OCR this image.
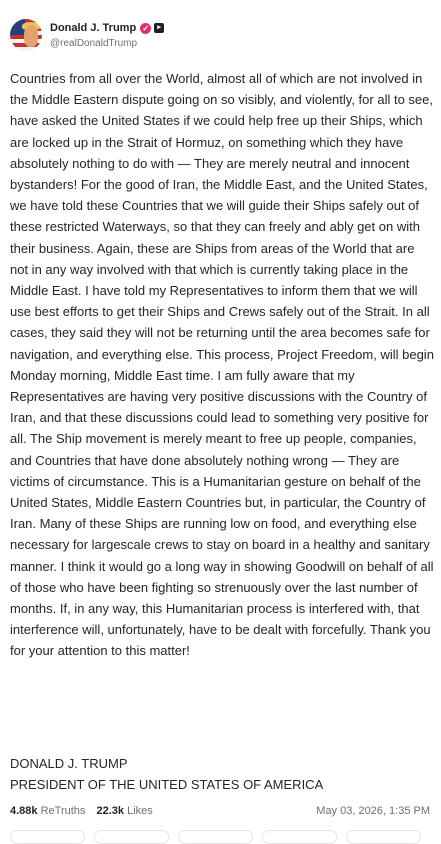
Donald J. Trump ✓	▸
@realDonaldTrump

Countries from all over the World, almost all of which are not involved in the Middle Eastern dispute going on so visibly, and violently, for all to see, have asked the United States if we could help free up their Ships, which are locked up in the Strait of Hormuz, on something which they have absolutely nothing to do with — They are merely neutral and innocent bystanders! For the good of Iran, the Middle East, and the United States, we have told these Countries that we will guide their Ships safely out of these restricted Waterways, so that they can freely and ably get on with their business. Again, these are Ships from areas of the World that are not in any way involved with that which is currently taking place in the Middle East. I have told my Representatives to inform them that we will use best efforts to get their Ships and Crews safely out of the Strait. In all cases, they said they will not be returning until the area becomes safe for navigation, and everything else. This process, Project Freedom, will begin Monday morning, Middle East time. I am fully aware that my Representatives are having very positive discussions with the Country of Iran, and that these discussions could lead to something very positive for all. The Ship movement is merely meant to free up people, companies, and Countries that have done absolutely nothing wrong — They are victims of circumstance. This is a Humanitarian gesture on behalf of the United States, Middle Eastern Countries but, in particular, the Country of Iran. Many of these Ships are running low on food, and everything else necessary for largescale crews to stay on board in a healthy and sanitary manner. I think it would go a long way in showing Goodwill on behalf of all of those who have been fighting so strenuously over the last number of months. If, in any way, this Humanitarian process is interfered with, that interference will, unfortunately, have to be dealt with forcefully. Thank you for your attention to this matter!

DONALD J. TRUMP
PRESIDENT OF THE UNITED STATES OF AMERICA
4.88k ReTruths 22.3k Likes	May 03, 2026, 1:35 PM
